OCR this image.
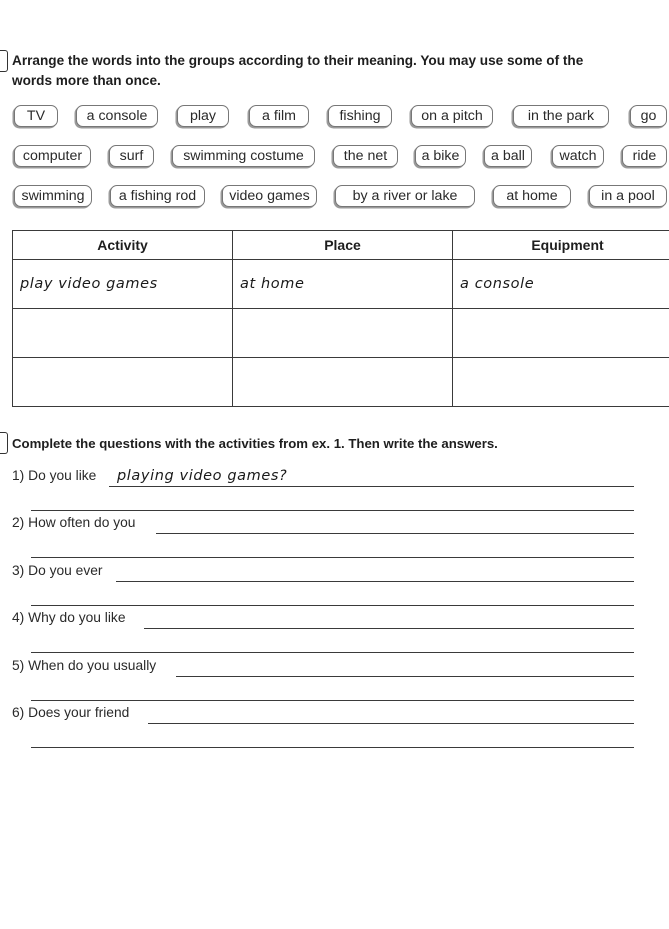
Arrange the words into the groups according to their meaning. You may use some of the
words more than once.
TV	a console	play	a film	fishing	on a pitch	in the park	go
computer	surf	swimming costume	the net	a bike	a ball	watch	ride
swimming	a fishing rod	video games	by a river or lake	at home	in a pool
Activity	Place	Equipment
play video games	at home	a console

Complete the questions with the activities from ex. 1. Then write the answers.
1) Do you like playing video games?
2) How often do you
3) Do you ever
4) Why do you like
5) When do you usually
6) Does your friend
